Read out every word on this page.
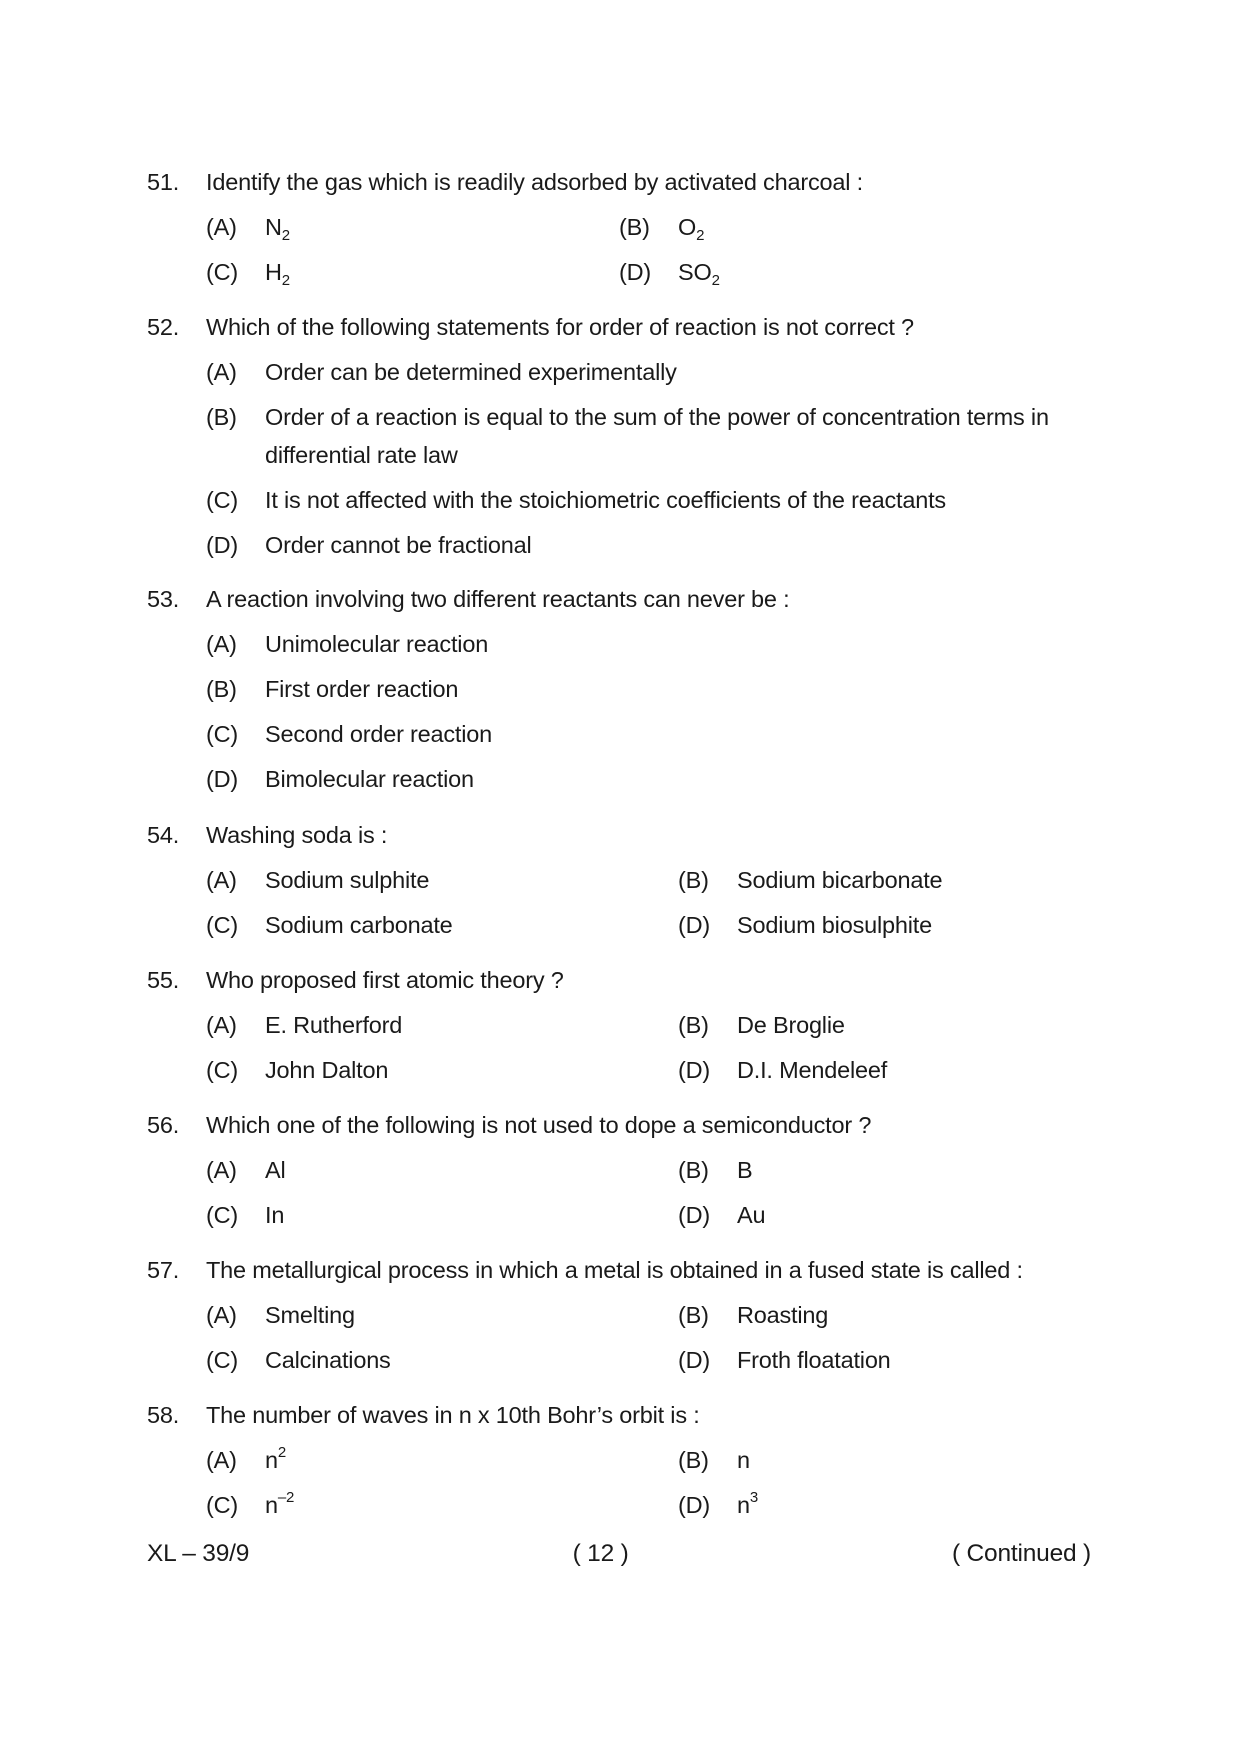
51.	Identify the gas which is readily adsorbed by activated charcoal :
(A)	$N_2$	(B)	$O_2$
(C)	$H_2$	(D)	$SO_2$
52.	Which of the following statements for order of reaction is not correct ?
(A)	Order can be determined experimentally
(B)	Order of a reaction is equal to the sum of the power of concentration terms in differential rate law
(C)	It is not affected with the stoichiometric coefficients of the reactants
(D)	Order cannot be fractional
53.	A reaction involving two different reactants can never be :
(A)	Unimolecular reaction
(B)	First order reaction
(C)	Second order reaction
(D)	Bimolecular reaction
54.	Washing soda is :
(A)	Sodium sulphite	(B)	Sodium bicarbonate
(C)	Sodium carbonate	(D)	Sodium biosulphite
55.	Who proposed first atomic theory ?
(A)	E. Rutherford	(B)	De Broglie
(C)	John Dalton	(D)	D.I. Mendeleef
56.	Which one of the following is not used to dope a semiconductor ?
(A)	Al	(B)	B
(C)	In	(D)	Au
57.	The metallurgical process in which a metal is obtained in a fused state is called :
(A)	Smelting	(B)	Roasting
(C)	Calcinations	(D)	Froth floatation
58.	The number of waves in n x 10th Bohr’s orbit is :
(A)	$n^2$	(B)	n
(C)	$n^{-2}$	(D)	$n^3$
XL – 39/9	( 12 )	( Continued )
